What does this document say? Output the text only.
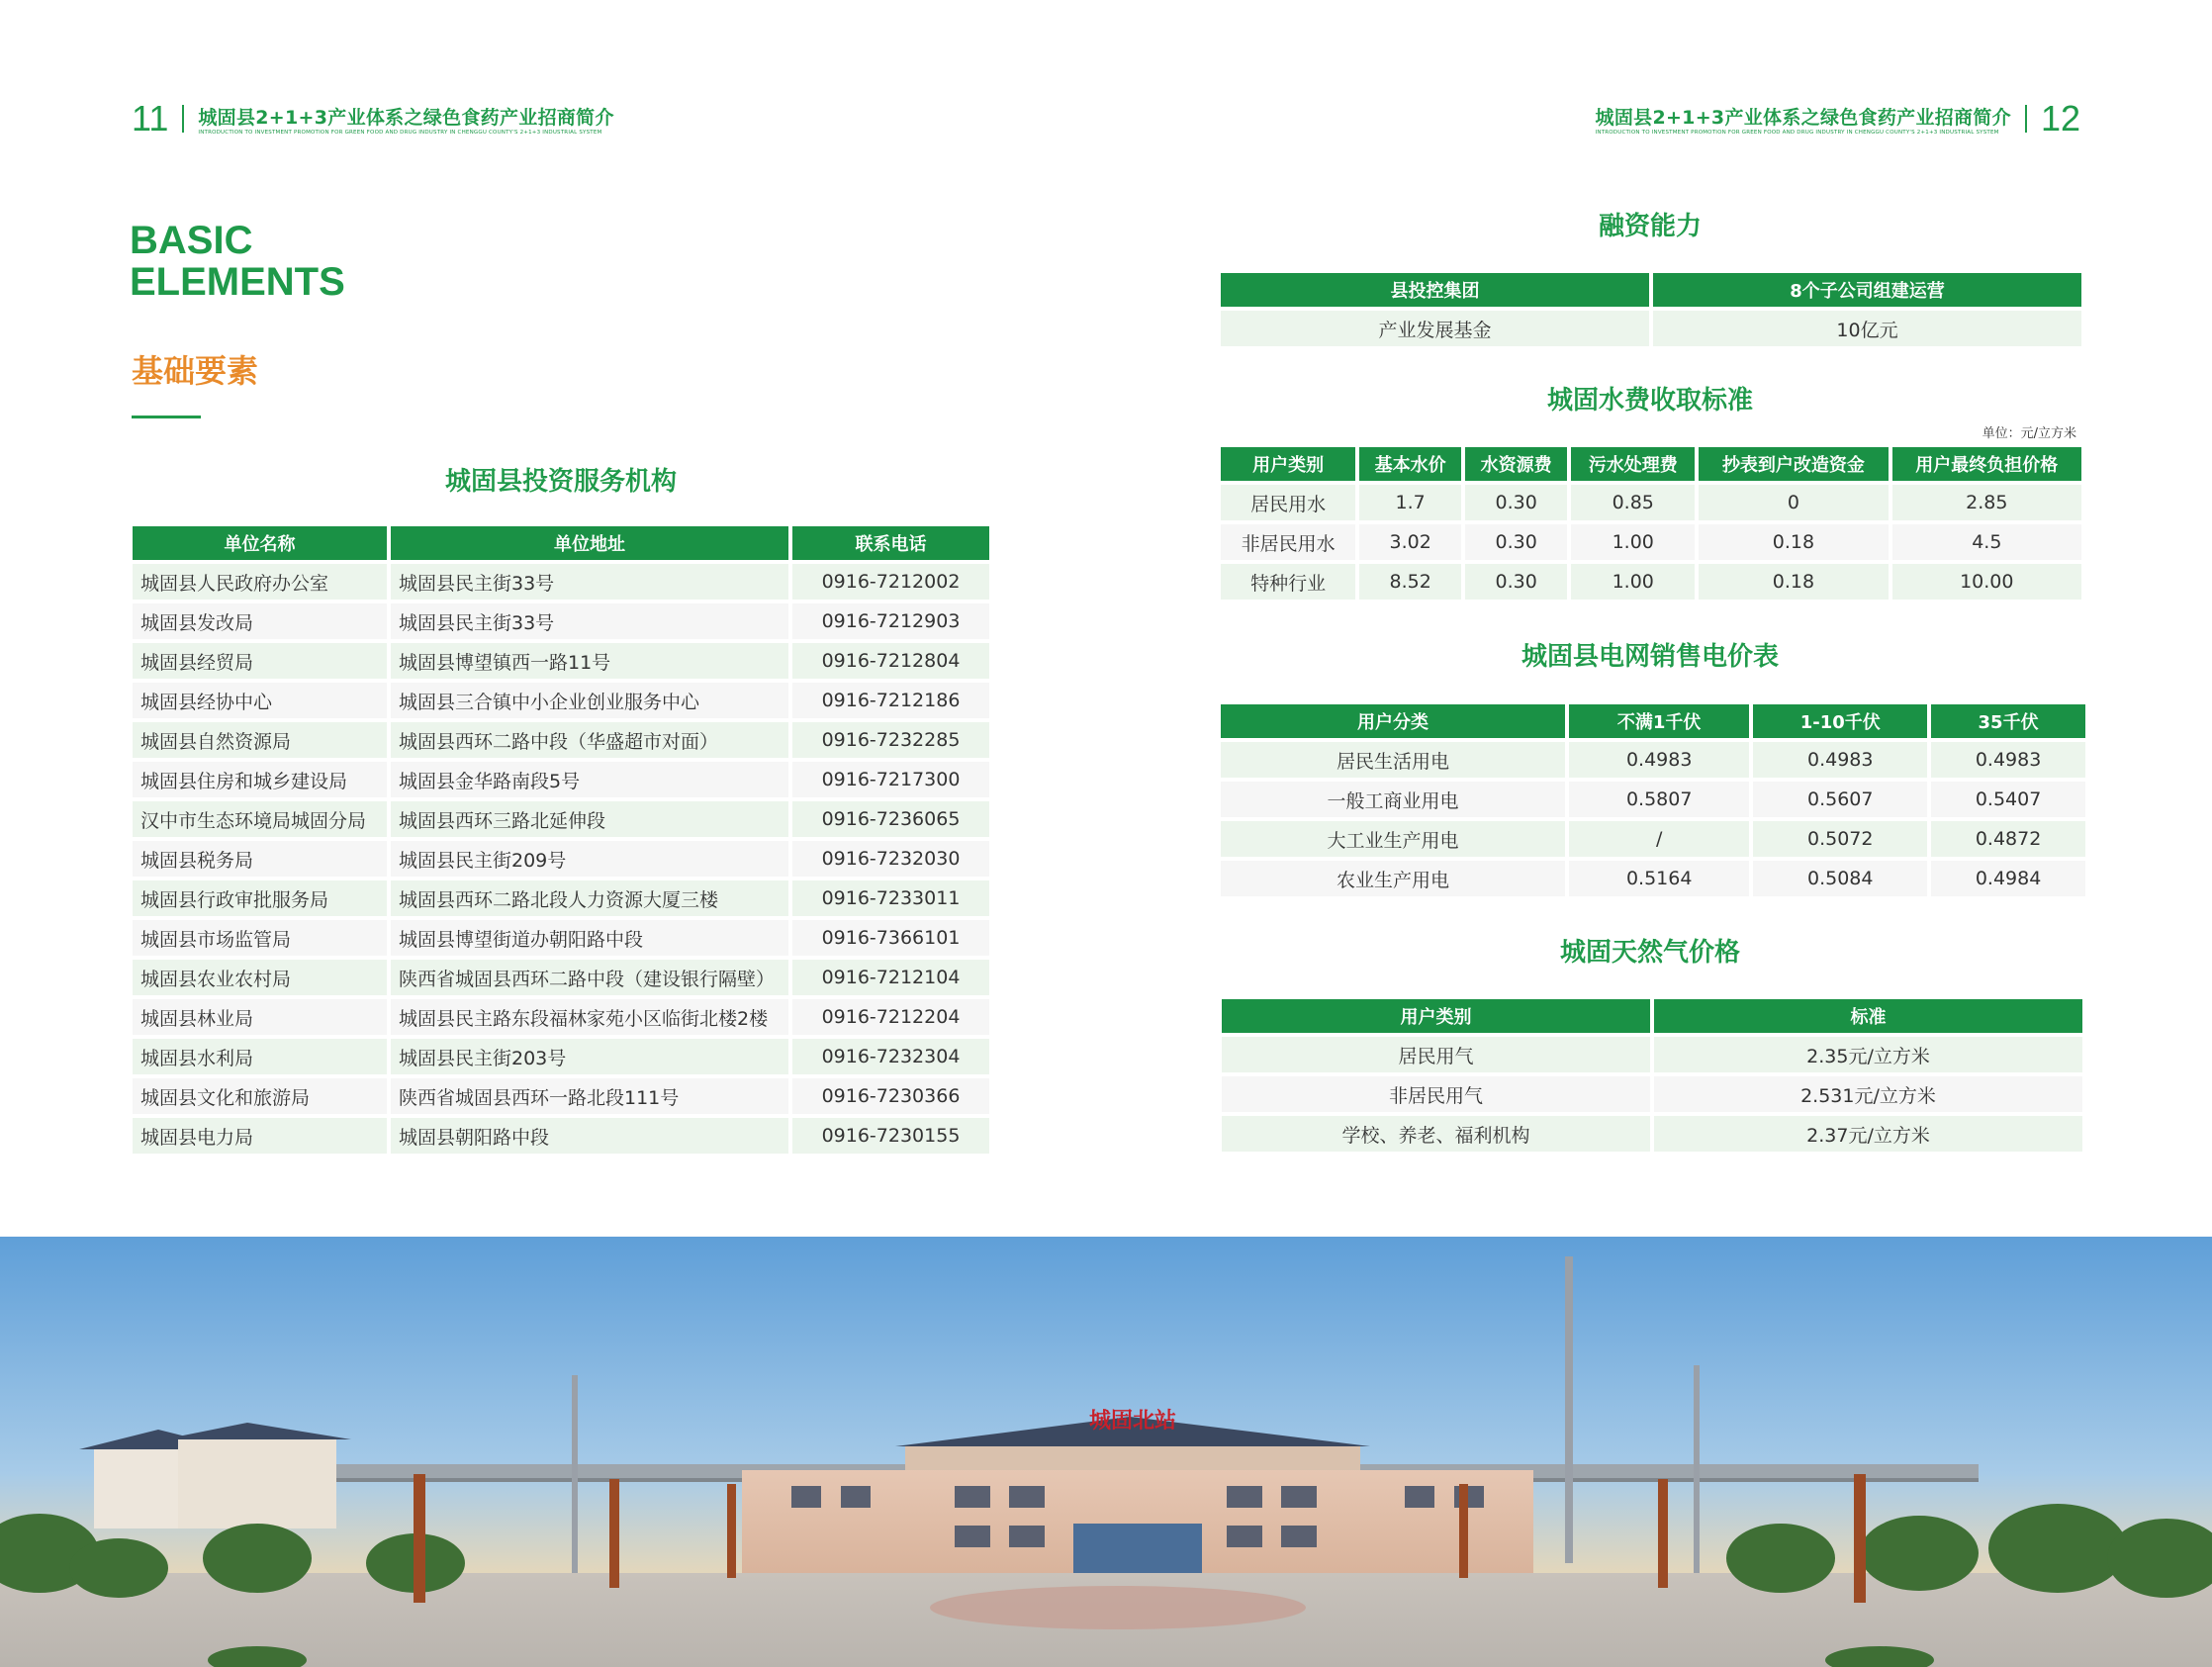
11 城固县2+1+3产业体系之绿色食药产业招商简介
INTRODUCTION TO INVESTMENT PROMOTION FOR GREEN FOOD AND DRUG INDUSTRY IN CHENGGU COUNTY'S 2+1+3 INDUSTRIAL SYSTEM
城固县2+1+3产业体系之绿色食药产业招商简介
INTRODUCTION TO INVESTMENT PROMOTION FOR GREEN FOOD AND DRUG INDUSTRY IN CHENGGU COUNTY'S 2+1+3 INDUSTRIAL SYSTEM	12
BASIC
ELEMENTS
基础要素
城固县投资服务机构
单位名称	单位地址	联系电话
城固县人民政府办公室	城固县民主街33号	0916-7212002
城固县发改局	城固县民主街33号	0916-7212903
城固县经贸局	城固县博望镇西一路11号	0916-7212804
城固县经协中心	城固县三合镇中小企业创业服务中心	0916-7212186
城固县自然资源局	城固县西环二路中段（华盛超市对面）	0916-7232285
城固县住房和城乡建设局	城固县金华路南段5号	0916-7217300
汉中市生态环境局城固分局	城固县西环三路北延伸段	0916-7236065
城固县税务局	城固县民主街209号	0916-7232030
城固县行政审批服务局	城固县西环二路北段人力资源大厦三楼	0916-7233011
城固县市场监管局	城固县博望街道办朝阳路中段	0916-7366101
城固县农业农村局	陕西省城固县西环二路中段（建设银行隔壁）	0916-7212104
城固县林业局	城固县民主路东段福林家苑小区临街北楼2楼	0916-7212204
城固县水利局	城固县民主街203号	0916-7232304
城固县文化和旅游局	陕西省城固县西环一路北段111号	0916-7230366
城固县电力局	城固县朝阳路中段	0916-7230155
融资能力
县投控集团	8个子公司组建运营
产业发展基金	10亿元
城固水费收取标准
单位：元/立方米
用户类别	基本水价	水资源费	污水处理费	抄表到户改造资金	用户最终负担价格
居民用水	1.7	0.30	0.85	0	2.85
非居民用水	3.02	0.30	1.00	0.18	4.5
特种行业	8.52	0.30	1.00	0.18	10.00
城固县电网销售电价表
用户分类	不满1千伏	1-10千伏	35千伏
居民生活用电	0.4983	0.4983	0.4983
一般工商业用电	0.5807	0.5607	0.5407
大工业生产用电	/	0.5072	0.4872
农业生产用电	0.5164	0.5084	0.4984
城固天然气价格
用户类别	标准
居民用气	2.35元/立方米
非居民用气	2.531元/立方米
学校、养老、福利机构	2.37元/立方米
城固北站
